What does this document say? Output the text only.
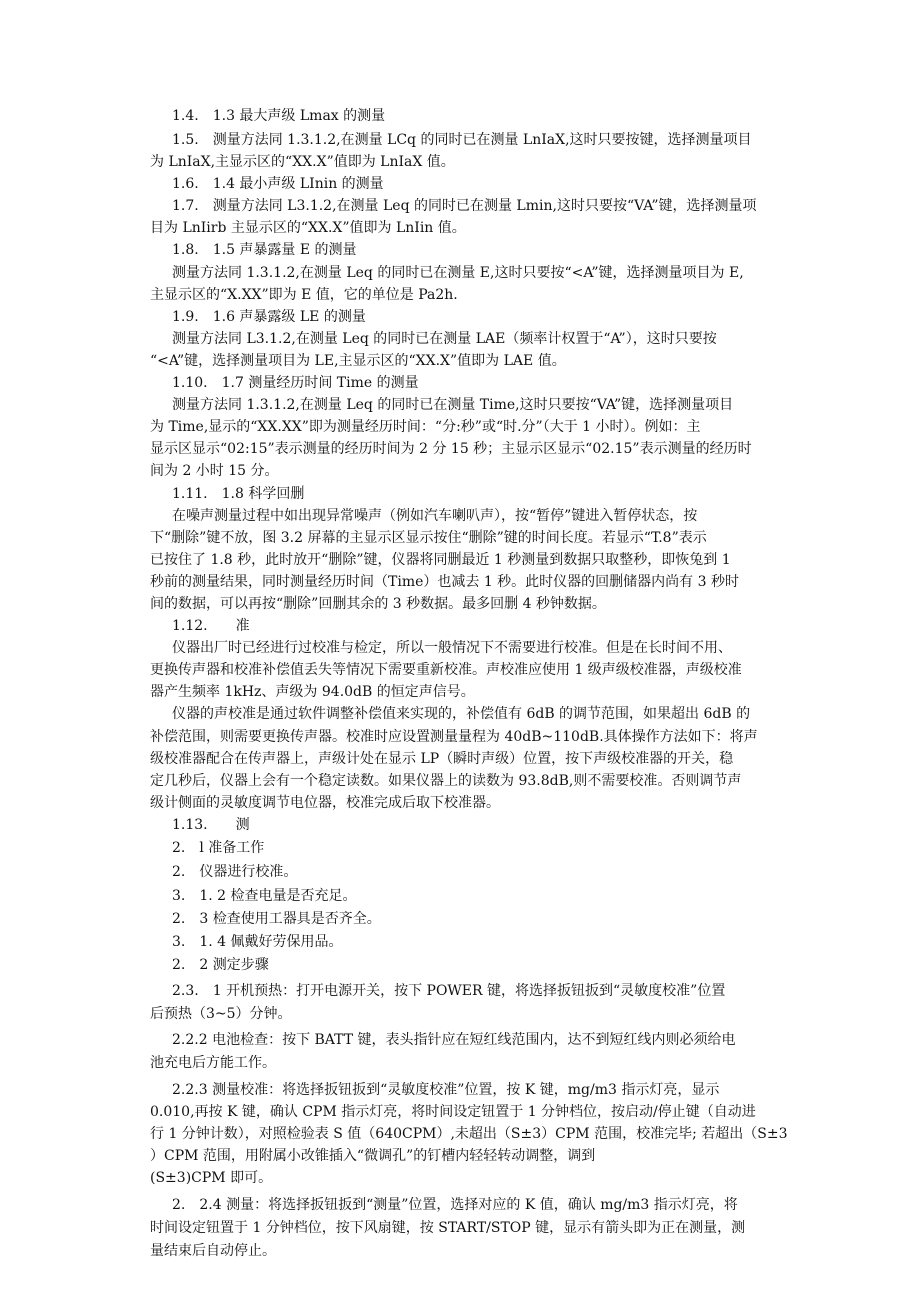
1.4.　1.3 最大声级 Lmax 的测量

1.5.　测量方法同 1.3.1.2,在测量 LCq 的同时已在测量 LnIaX,这时只要按键，选择测量项目

为 LnIaX,主显示区的“XX.X”值即为 LnIaX 值。

1.6.　1.4 最小声级 LInin 的测量

1.7.　测量方法同 L3.1.2,在测量 Leq 的同时已在测量 Lmin,这时只要按“VA”键，选择测量项

目为 LnIirb 主显示区的“XX.X”值即为 LnIin 值。

1.8.　1.5 声暴露量 E 的测量

测量方法同 1.3.1.2,在测量 Leq 的同时已在测量 E,这时只要按“<A”键，选择测量项目为 E,

主显示区的“X.XX”即为 E 值，它的单位是 Pa2h.

1.9.　1.6 声暴露级 LE 的测量

测量方法同 L3.1.2,在测量 Leq 的同时已在测量 LAE（频率计权置于“A”），这时只要按

“<A”键，选择测量项目为 LE,主显示区的“XX.X”值即为 LAE 值。

1.10.　1.7 测量经历时间 Time 的测量

测量方法同 1.3.1.2,在测量 Leq 的同时已在测量 Time,这时只要按“VA”键，选择测量项目

为 Time,显示的“XX.XX”即为测量经历时间：“分:秒”或“时.分”（大于 1 小时）。例如：主

显示区显示“02:15”表示测量的经历时间为 2 分 15 秒；主显示区显示“02.15”表示测量的经历时

间为 2 小时 15 分。

1.11.　1.8 科学回删

在噪声测量过程中如出现异常噪声（例如汽车喇叭声），按“暂停”键进入暂停状态，按

下“删除”键不放，图 3.2 屏幕的主显示区显示按住“删除”键的时间长度。若显示“T.8”表示

已按住了 1.8 秒，此时放开“删除”键，仪器将同删最近 1 秒测量到数据只取整秒，即恢兔到 1

秒前的测量结果，同时测量经历时间（Time）也减去 1 秒。此时仪器的回删储器内尚有 3 秒时

间的数据，可以再按“删除”回删其余的 3 秒数据。最多回删 4 秒钟数据。

1.12.　　准

仪器出厂时已经进行过校准与检定，所以一般情况下不需要进行校准。但是在长时间不用、

更换传声器和校准补偿值丢失等情况下需要重新校准。声校准应使用 1 级声级校准器，声级校准

器产生频率 1kHz、声级为 94.0dB 的恒定声信号。

仪器的声校准是通过软件调整补偿值来实现的，补偿值有 6dB 的调节范围，如果超出 6dB 的

补偿范围，则需要更换传声器。校准时应设置测量量程为 40dB~110dB.具体操作方法如下：将声

级校准器配合在传声器上，声级计处在显示 LP（瞬时声级）位置，按下声级校准器的开关，稳

定几秒后，仪器上会有一个稳定读数。如果仪器上的读数为 93.8dB,则不需要校准。否则调节声

级计侧面的灵敏度调节电位器，校准完成后取下校准器。

1.13.　　测

2.　l 准备工作

2.　仪器进行校准。

3.　1. 2 检查电量是否充足。

2.　3 检查使用工器具是否齐全。

3.　1. 4 佩戴好劳保用品。

2.　2 测定步骤

2.3.　1 开机预热：打开电源开关，按下 POWER 键，将选择扳钮扳到“灵敏度校准”位置

后预热（3~5）分钟。

2.2.2 电池检查：按下 BATT 键，表头指针应在短红线范围内，达不到短红线内则必须给电

池充电后方能工作。

2.2.3 测量校准：将选择扳钮扳到“灵敏度校准”位置，按 K 键，mg/m3 指示灯亮，显示

0.010,再按 K 键，确认 CPM 指示灯亮，将时间设定钮置于 1 分钟档位，按启动/停止键（自动进

行 1 分钟计数），对照检验表 S 值（640CPM）,未超出（S±3）CPM 范围，校准完毕; 若超出（S±3

）CPM 范围，用附属小改锥插入“微调孔”的钉槽内轻轻转动调整，调到

(S±3)CPM 即可。

2.　2.4 测量：将选择扳钮扳到“测量”位置，选择对应的 K 值，确认 mg/m3 指示灯亮，将

时间设定钮置于 1 分钟档位，按下风扇键，按 START/STOP 键，显示有箭头即为正在测量，测

量结束后自动停止。
